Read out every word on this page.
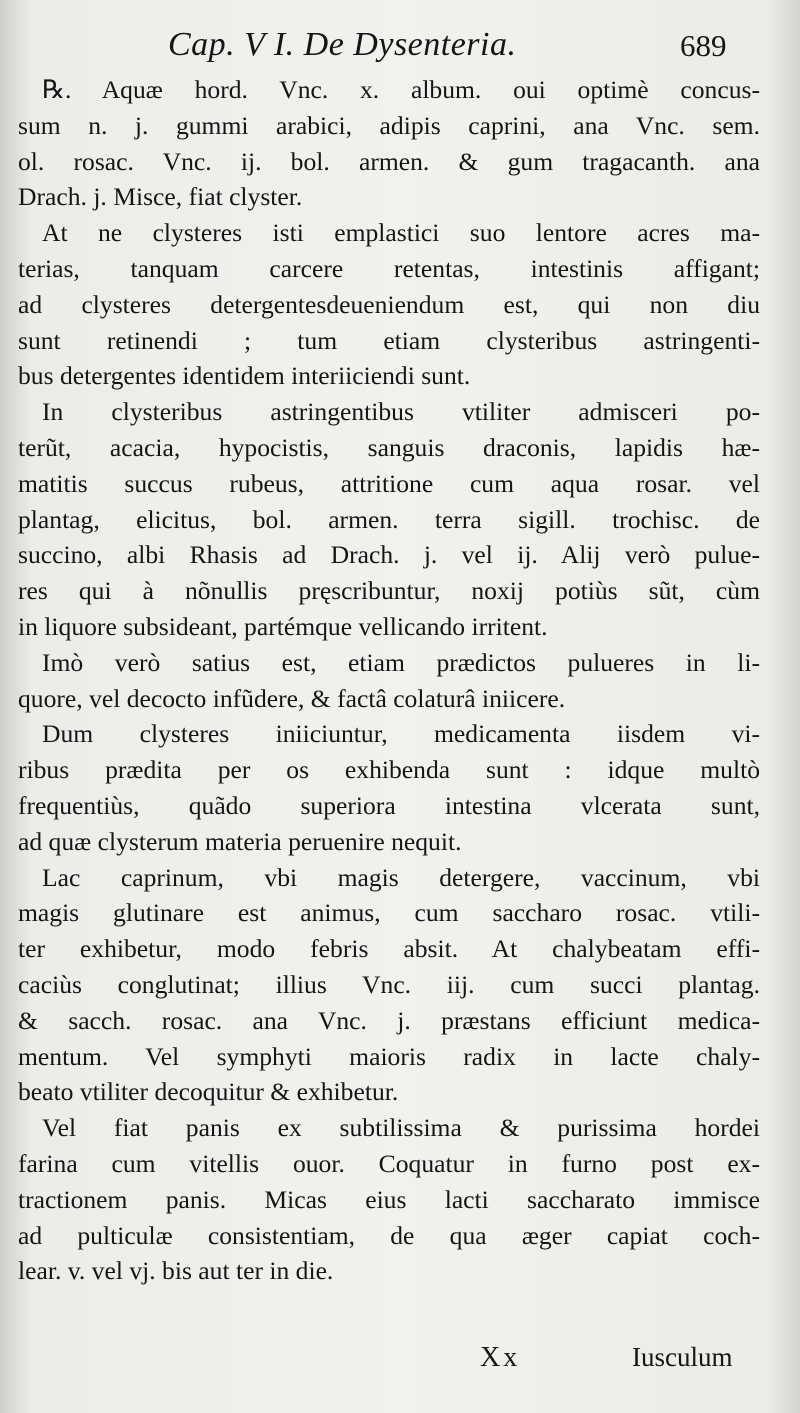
Cap. V I. De Dysenteria.	689
℞. Aquæ hord. Vnc. x. album. oui optimè concus-
sum n. j. gummi arabici, adipis caprini, ana Vnc. sem.
ol. rosac. Vnc. ij. bol. armen. & gum tragacanth. ana
Drach. j. Misce, fiat clyster.
At ne clysteres isti emplastici suo lentore acres ma-
terias, tanquam carcere retentas, intestinis affigant;
ad clysteres detergentesdeueniendum est, qui non diu
sunt retinendi ; tum etiam clysteribus astringenti-
bus detergentes identidem interiiciendi sunt.
In clysteribus astringentibus vtiliter admisceri po-
terũt, acacia, hypocistis, sanguis draconis, lapidis hæ-
matitis succus rubeus, attritione cum aqua rosar. vel
plantag, elicitus, bol. armen. terra sigill. trochisc. de
succino, albi Rhasis ad Drach. j. vel ij. Alij verò pulue-
res qui à nõnullis pręscribuntur, noxij potiùs sũt, cùm
in liquore subsideant, partémque vellicando irritent.
Imò verò satius est, etiam prædictos pulueres in li-
quore, vel decocto infũdere, & factâ colaturâ iniicere.
Dum clysteres iniiciuntur, medicamenta iisdem vi-
ribus prædita per os exhibenda sunt : idque multò
frequentiùs, quãdo superiora intestina vlcerata sunt,
ad quæ clysterum materia peruenire nequit.
Lac caprinum, vbi magis detergere, vaccinum, vbi
magis glutinare est animus, cum saccharo rosac. vtili-
ter exhibetur, modo febris absit. At chalybeatam effi-
caciùs conglutinat; illius Vnc. iij. cum succi plantag.
& sacch. rosac. ana Vnc. j. præstans efficiunt medica-
mentum. Vel symphyti maioris radix in lacte chaly-
beato vtiliter decoquitur & exhibetur.
Vel fiat panis ex subtilissima & purissima hordei
farina cum vitellis ouor. Coquatur in furno post ex-
tractionem panis. Micas eius lacti saccharato immisce
ad pulticulæ consistentiam, de qua æger capiat coch-
lear. v. vel vj. bis aut ter in die.
Xx	Iusculum
